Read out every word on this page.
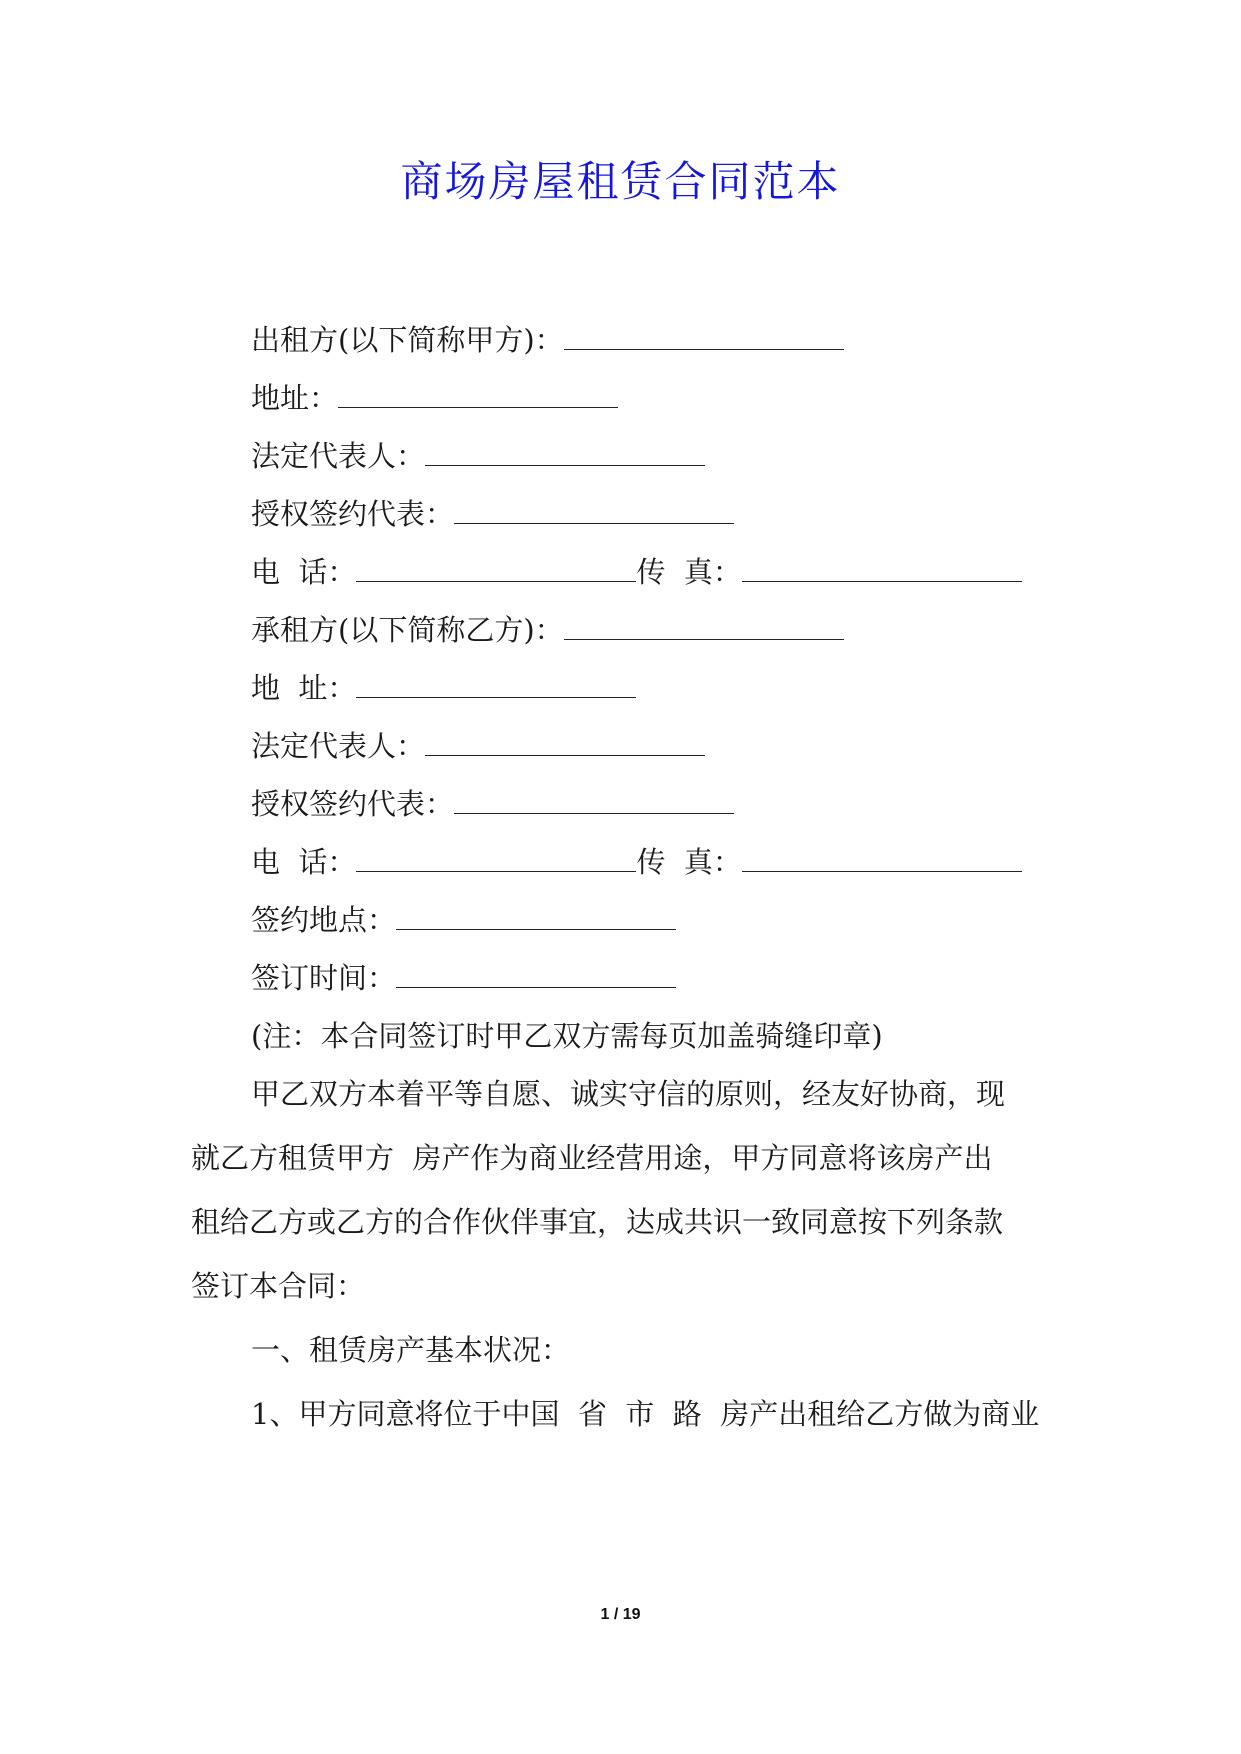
商场房屋租赁合同范本
出租方(以下简称甲方)：
地址：
法定代表人：
授权签约代表：
电  话：	传  真：
承租方(以下简称乙方)：
地  址：
法定代表人：
授权签约代表：
电  话：	传  真：
签约地点：
签订时间：
(注：本合同签订时甲乙双方需每页加盖骑缝印章)
甲乙双方本着平等自愿、诚实守信的原则，经友好协商，现
就乙方租赁甲方  房产作为商业经营用途，甲方同意将该房产出
租给乙方或乙方的合作伙伴事宜，达成共识一致同意按下列条款
签订本合同：
一、租赁房产基本状况：
1、甲方同意将位于中国  省  市  路  房产出租给乙方做为商业
1 / 19
